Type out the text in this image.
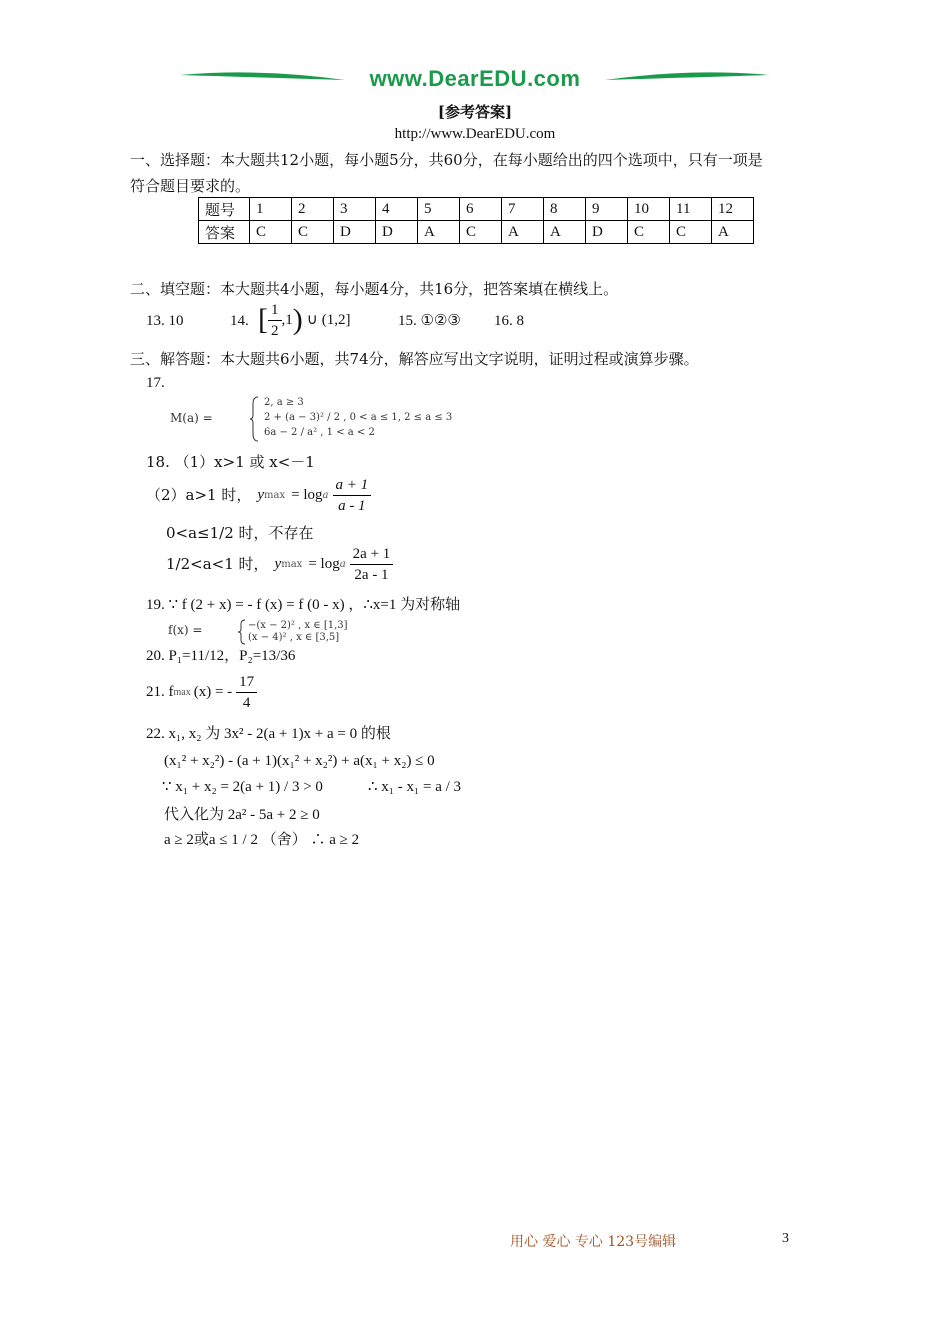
www.DearEDU.com
[参考答案]
http://www.DearEDU.com
一、选择题：本大题共12小题，每小题5分，共60分，在每小题给出的四个选项中，只有一项是
符合题目要求的。
题号	1	2	3	4	5	6	7	8	9	10	11	12
答案	C	C	D	D	A	C	A	A	D	C	C	A
二、填空题：本大题共4小题，每小题4分，共16分，把答案填在横线上。
13. 10	14. [ $\frac{1}{2} ,1$ ) ∪ (1,2]	15. ①②③ 16. 8
三、解答题：本大题共6小题，共74分，解答应写出文字说明，证明过程或演算步骤。
17.
M(a) =
2, a ≥ 3
2 + (a − 3)² / 2 , 0 < a ≤ 1, 2 ≤ a ≤ 3
6a − 2 / a² , 1 < a < 2
18. （1）x>1 或 x<－1
（2）a>1 时， y max = log a $\frac{a + 1}{a - 1}$
0<a≤1/2 时，不存在
1/2<a<1 时， y max = log a $\frac{2a + 1}{2a - 1}$
19. ∵ f (2 + x) = - f (x) = f (0 - x) ，∴x=1 为对称轴
f(x) =	−(x − 2)² , x ∈ [1,3]
(x − 4)² , x ∈ [3,5]
20. P₁=11/12，P₂=13/36
21. f max (x) = - $\frac{17}{4}$
22. x₁, x₂ 为 3x² - 2(a + 1)x + a = 0 的根
(x₁² + x₂²) - (a + 1)(x₁² + x₂²) + a(x₁ + x₂) ≤ 0
∵ x₁ + x₂ = 2(a + 1) / 3 > 0	∴ x₁ - x₁ = a / 3
代入化为 2a² - 5a + 2 ≥ 0
a ≥ 2或a ≤ 1 / 2 （舍） ∴ a ≥ 2
用心 爱心 专心 123号编辑	3
